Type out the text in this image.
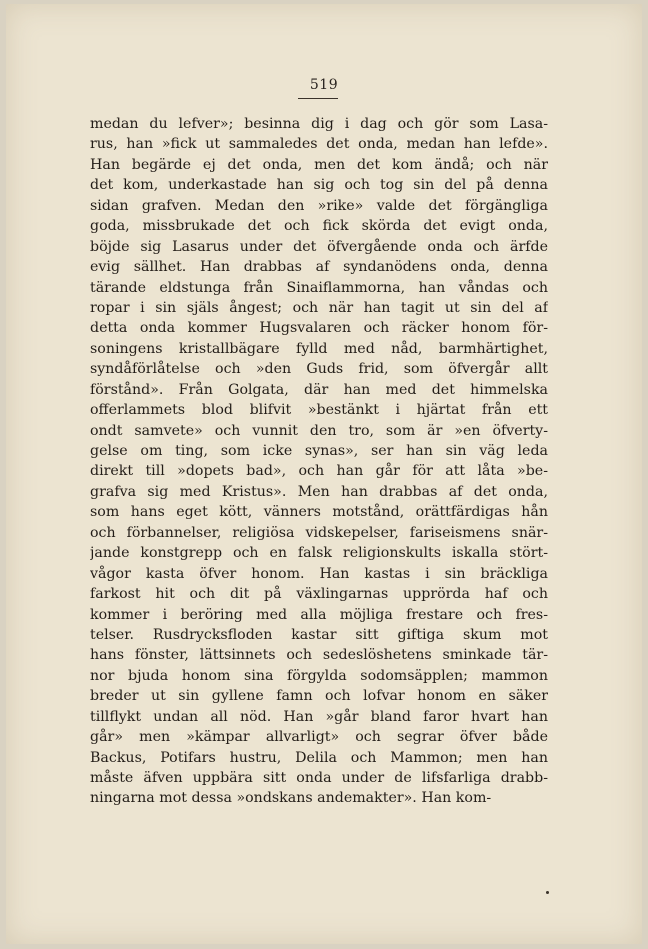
519
medan du lefver»; besinna dig i dag och gör som Lasa-
rus, han »fick ut sammaledes det onda, medan han lefde».
Han begärde ej det onda, men det kom ändå; och när
det kom, underkastade han sig och tog sin del på denna
sidan grafven. Medan den »rike» valde det förgängliga
goda, missbrukade det och fick skörda det evigt onda,
böjde sig Lasarus under det öfvergående onda och ärfde
evig sällhet. Han drabbas af syndanödens onda, denna
tärande eldstunga från Sinaiflammorna, han våndas och
ropar i sin själs ångest; och när han tagit ut sin del af
detta onda kommer Hugsvalaren och räcker honom för-
soningens kristallbägare fylld med nåd, barmhärtighet,
syndåförlåtelse och »den Guds frid, som öfvergår allt
förstånd». Från Golgata, där han med det himmelska
offerlammets blod blifvit »bestänkt i hjärtat från ett
ondt samvete» och vunnit den tro, som är »en öfverty-
gelse om ting, som icke synas», ser han sin väg leda
direkt till »dopets bad», och han går för att låta »be-
grafva sig med Kristus». Men han drabbas af det onda,
som hans eget kött, vänners motstånd, orättfärdigas hån
och förbannelser, religiösa vidskepelser, fariseismens snär-
jande konstgrepp och en falsk religionskults iskalla stört-
vågor kasta öfver honom. Han kastas i sin bräckliga
farkost hit och dit på växlingarnas upprörda haf och
kommer i beröring med alla möjliga frestare och fres-
telser. Rusdrycksfloden kastar sitt giftiga skum mot
hans fönster, lättsinnets och sedeslöshetens sminkade tär-
nor bjuda honom sina förgylda sodomsäpplen; mammon
breder ut sin gyllene famn och lofvar honom en säker
tillflykt undan all nöd. Han »går bland faror hvart han
går» men »kämpar allvarligt» och segrar öfver både
Backus, Potifars hustru, Delila och Mammon; men han
måste äfven uppbära sitt onda under de lifsfarliga drabb-
ningarna mot dessa »ondskans andemakter». Han kom-
